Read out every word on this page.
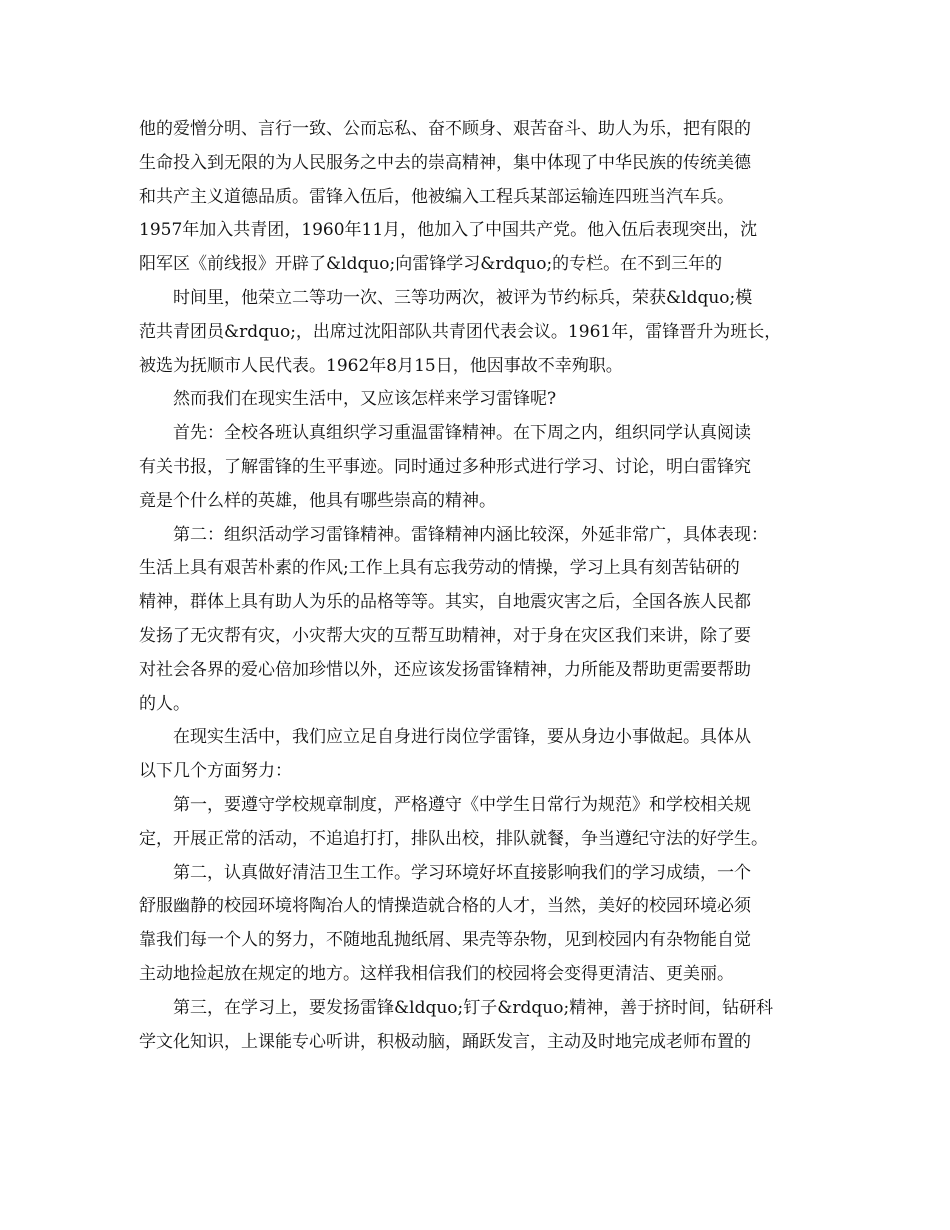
他的爱憎分明、言行一致、公而忘私、奋不顾身、艰苦奋斗、助人为乐，把有限的
生命投入到无限的为人民服务之中去的崇高精神，集中体现了中华民族的传统美德
和共产主义道德品质。雷锋入伍后，他被编入工程兵某部运输连四班当汽车兵。
1957年加入共青团，1960年11月，他加入了中国共产党。他入伍后表现突出，沈
阳军区《前线报》开辟了&ldquo;向雷锋学习&rdquo;的专栏。在不到三年的

时间里，他荣立二等功一次、三等功两次，被评为节约标兵，荣获&ldquo;模
范共青团员&rdquo;，出席过沈阳部队共青团代表会议。1961年，雷锋晋升为班长，
被选为抚顺市人民代表。1962年8月15日，他因事故不幸殉职。

然而我们在现实生活中，又应该怎样来学习雷锋呢?

首先：全校各班认真组织学习重温雷锋精神。在下周之内，组织同学认真阅读
有关书报，了解雷锋的生平事迹。同时通过多种形式进行学习、讨论，明白雷锋究
竟是个什么样的英雄，他具有哪些崇高的精神。

第二：组织活动学习雷锋精神。雷锋精神内涵比较深，外延非常广，具体表现：
生活上具有艰苦朴素的作风;工作上具有忘我劳动的情操，学习上具有刻苦钻研的
精神，群体上具有助人为乐的品格等等。其实，自地震灾害之后，全国各族人民都
发扬了无灾帮有灾，小灾帮大灾的互帮互助精神，对于身在灾区我们来讲，除了要
对社会各界的爱心倍加珍惜以外，还应该发扬雷锋精神，力所能及帮助更需要帮助
的人。

在现实生活中，我们应立足自身进行岗位学雷锋，要从身边小事做起。具体从
以下几个方面努力：

第一，要遵守学校规章制度，严格遵守《中学生日常行为规范》和学校相关规
定，开展正常的活动，不追追打打，排队出校，排队就餐，争当遵纪守法的好学生。

第二，认真做好清洁卫生工作。学习环境好坏直接影响我们的学习成绩，一个
舒服幽静的校园环境将陶冶人的情操造就合格的人才，当然，美好的校园环境必须
靠我们每一个人的努力，不随地乱抛纸屑、果壳等杂物，见到校园内有杂物能自觉
主动地捡起放在规定的地方。这样我相信我们的校园将会变得更清洁、更美丽。

第三，在学习上，要发扬雷锋&ldquo;钉子&rdquo;精神，善于挤时间，钻研科
学文化知识，上课能专心听讲，积极动脑，踊跃发言，主动及时地完成老师布置的
